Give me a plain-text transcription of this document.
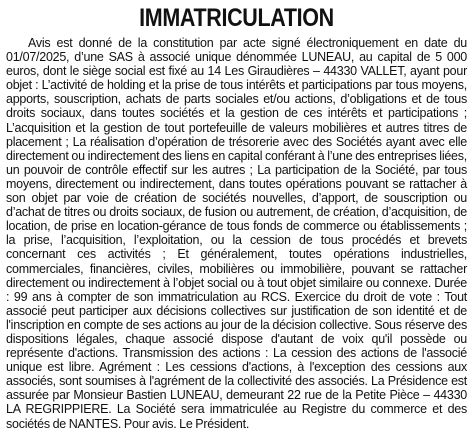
IMMATRICULATION

Avis est donné de la constitution par acte signé électroniquement en date du 01/07/2025, d’une SAS à associé unique dénommée LUNEAU, au capital de 5 000 euros, dont le siège social est fixé au 14 Les Giraudières – 44330 VALLET, ayant pour objet : L’activité de holding et la prise de tous intérêts et participations par tous moyens, apports, souscription, achats de parts sociales et/ou actions, d’obligations et de tous droits sociaux, dans toutes sociétés et la gestion de ces intérêts et participations ; L’acquisition et la gestion de tout portefeuille de valeurs mobilières et autres titres de placement ; La réalisation d’opération de trésorerie avec des Sociétés ayant avec elle directement ou indirectement des liens en capital conférant à l’une des entreprises liées, un pouvoir de contrôle effectif sur les autres ; La participation de la Société, par tous moyens, directement ou indirectement, dans toutes opérations pouvant se rattacher à son objet par voie de création de sociétés nouvelles, d’apport, de souscription ou d’achat de titres ou droits sociaux, de fusion ou autrement, de création, d’acquisition, de location, de prise en location-gérance de tous fonds de commerce ou établissements ; la prise, l’acquisition, l’exploitation, ou la cession de tous procédés et brevets concernant ces activités ; Et généralement, toutes opérations industrielles, commerciales, financières, civiles, mobilières ou immobilière, pouvant se rattacher directement ou indirectement à l’objet social ou à tout objet similaire ou connexe. Durée : 99 ans à compter de son immatriculation au RCS. Exercice du droit de vote : Tout associé peut participer aux décisions collectives sur justification de son identité et de l'inscription en compte de ses actions au jour de la décision collective. Sous réserve des dispositions légales, chaque associé dispose d'autant de voix qu'il possède ou représente d'actions. Transmission des actions : La cession des actions de l'associé unique est libre. Agrément : Les cessions d'actions, à l'exception des cessions aux associés, sont soumises à l'agrément de la collectivité des associés. La Présidence est assurée par Monsieur Bastien LUNEAU, demeurant 22 rue de la Petite Pièce – 44330 LA REGRIPPIERE. La Société sera immatriculée au Registre du commerce et des sociétés de NANTES. Pour avis. Le Président.
